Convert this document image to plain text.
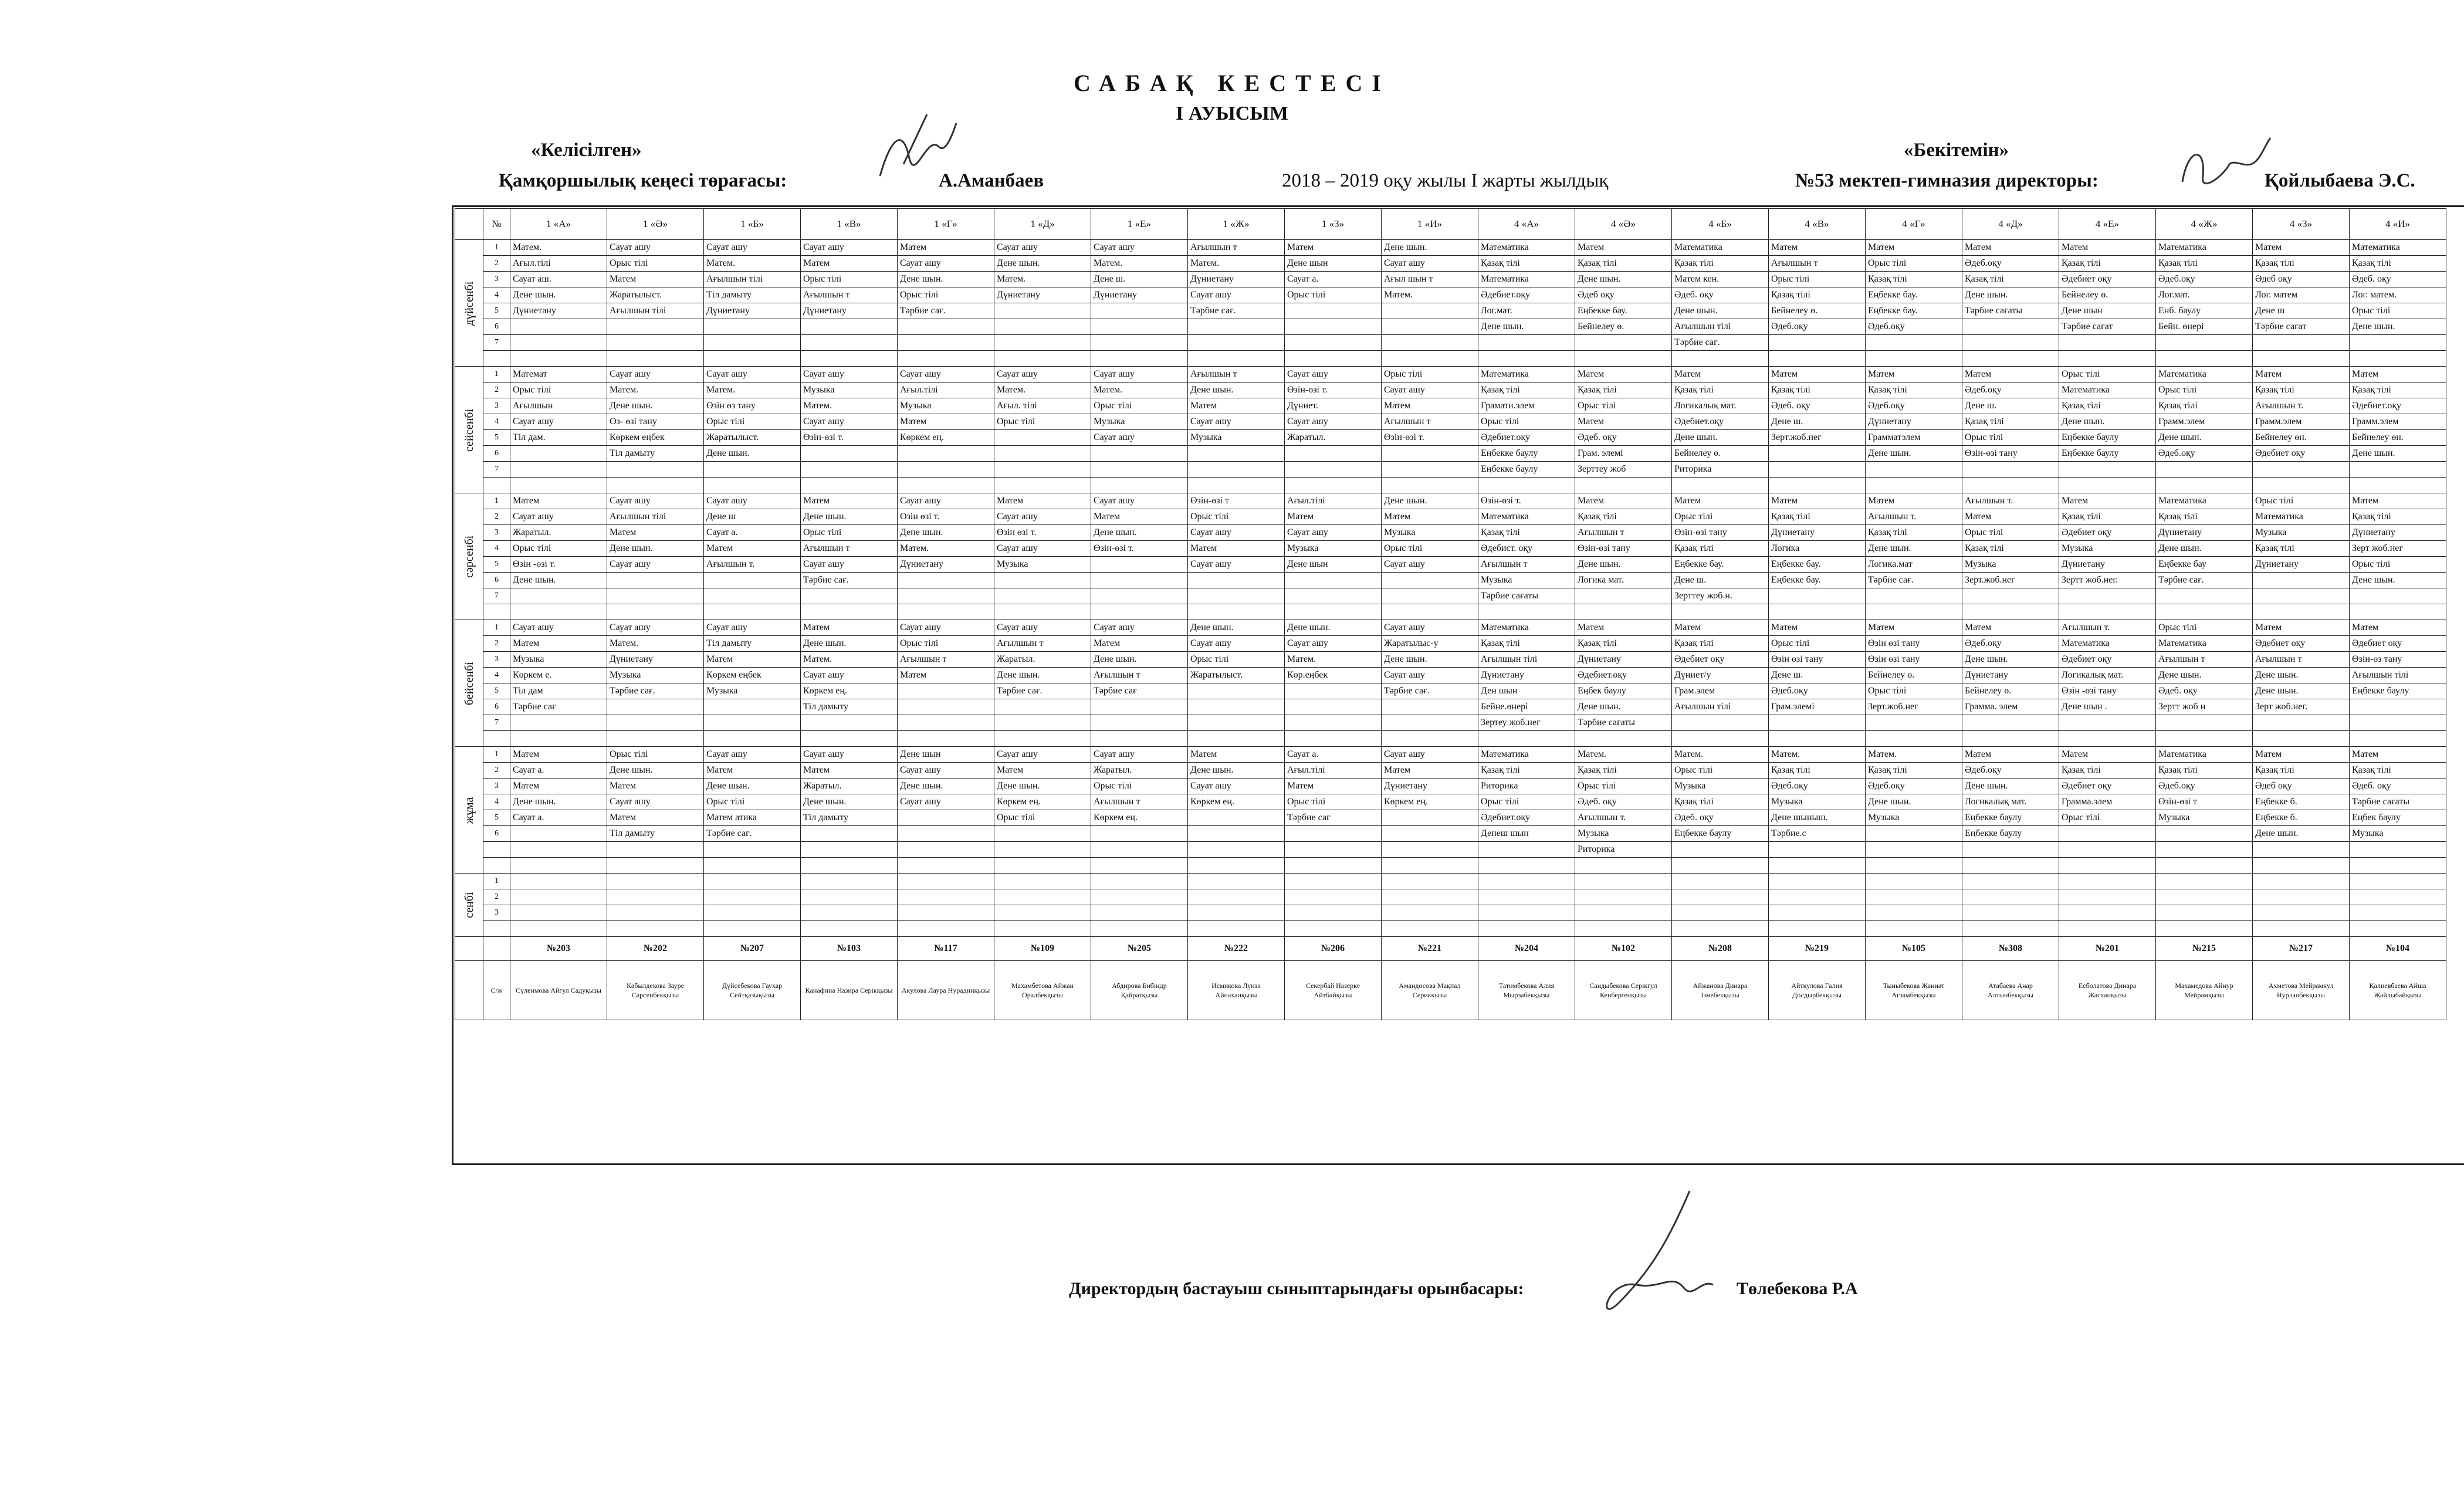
САБАҚ КЕСТЕСІ
І АУЫСЫМ
«Келісілген»
Қамқоршылық кеңесі төрағасы:	А.Аманбаев	2018 – 2019 оқу жылы І жарты жылдық
«Бекітемін»
№53 мектеп-гимназия директоры:	Қойлыбаева Э.С.
	№	1 «А»	1 «Ә»	1 «Б»	1 «В»	1 «Г»	1 «Д»	1 «Е»	1 «Ж»	1 «З»	1 «И»	4 «А»	4 «Ә»	4 «Б»	4 «В»	4 «Г»	4 «Д»	4 «Е»	4 «Ж»	4 «З»	4 «И»
дүйсенбі	1	Матем.	Сауат ашу	Сауат ашу	Сауат ашу	Матем	Сауат ашу	Сауат ашу	Ағылшын т	Матем	Дене шын.	Математика	Матем	Математика	Матем	Матем	Матем	Матем	Математика	Матем	Математика
	2	Ағыл.тілі	Орыс тілі	Матем.	Матем	Сауат ашу	Дене шын.	Матем.	Матем.	Дене шын	Сауат ашу	Қазақ тілі	Қазақ тілі	Қазақ тілі	Ағылшын т	Орыс тілі	Әдеб.оқу	Қазақ тілі	Қазақ тілі	Қазақ тілі	Қазақ тілі
	3	Сауат аш.	Матем	Ағылшын тілі	Орыс тілі	Дене шын.	Матем.	Дене ш.	Дүниетану	Сауат а.	Ағыл шын т	Математика	Дене шын.	Матем кен.	Орыс тілі	Қазақ тілі	Қазақ тілі	Әдебиет оқу	Әдеб.оқу	Әдеб оқу	Әдеб. оқу
	4	Дене шын.	Жаратылыст.	Тіл дамыту	Ағылшын т	Орыс тілі	Дүниетану	Дүниетану	Сауат ашу	Орыс тілі	Матем.	Әдебиет.оқу	Әдеб оқу	Әдеб. оқу	Қазақ тілі	Еңбекке бау.	Дене шын.	Бейнелеу ө.	Лог.мат.	Лог. матем	Лог. матем.
	5	Дүниетану	Ағылшын тілі	Дүниетану	Дүниетану	Тәрбие сағ.			Тәрбие сағ.			Лог.мат.	Еңбекке бау.	Дене шын.	Бейнелеу ө.	Еңбекке бау.	Тәрбие сағаты	Дене шын	Енб. баулу	Дене ш	Орыс тілі
	6											Дене шын.	Бейнелеу ө.	Ағылшын тілі	Әдеб.оқу	Әдеб.оқу		Тәрбие сағат	Бейн. өнері	Тәрбие сағат	Дене шын.
	7													Тәрбие сағ.							

сейсенбі	1	Математ	Сауат ашу	Сауат ашу	Сауат ашу	Сауат ашу	Сауат ашу	Сауат ашу	Ағылшын т	Сауат ашу	Орыс тілі	Математика	Матем	Матем	Матем	Матем	Матем	Орыс тілі	Математика	Матем	Матем
	2	Орыс тілі	Матем.	Матем.	Музыка	Ағыл.тілі	Матем.	Матем.	Дене шын.	Өзін-өзі т.	Сауат ашу	Қазақ тілі	Қазақ тілі	Қазақ тілі	Қазақ тілі	Қазақ тілі	Әдеб.оқу	Математика	Орыс тілі	Қазақ тілі	Қазақ тілі
	3	Ағылшын	Дене шын.	Өзін өз тану	Матем.	Музыка	Ағыл. тілі	Орыс тілі	Матем	Дүниет.	Матем	Грамати.элем	Орыс тілі	Логикалық мат.	Әдеб. оқу	Әдеб.оқу	Дене ш.	Қазақ тілі	Қазақ тілі	Ағылшын т.	Әдебиет.оқу
	4	Сауат ашу	Өз- өзі тану	Орыс тілі	Сауат ашу	Матем	Орыс тілі	Музыка	Сауат ашу	Сауат ашу	Ағылшын т	Орыс тілі	Матем	Әдебиет.оқу	Дене ш.	Дүниетану	Қазақ тілі	Дене шын.	Грамм.элем	Грамм.элем	Грамм.элем
	5	Тіл дам.	Көркем еңбек	Жаратылыст.	Өзін-өзі т.	Көркем ең.		Сауат ашу	Музыка	Жаратыл.	Өзін-өзі т.	Әдебиет.оқу	Әдеб. оқу	Дене шын.	Зерт.жоб.нег	Грамматэлем	Орыс тілі	Еңбекке баулу	Дене шын.	Бейнелеу өн.	Бейнелеу өн.
	6		Тіл дамыту	Дене шын.								Еңбекке баулу	Грам. элемі	Бейнелеу ө.		Дене шын.	Өзін-өзі тану	Еңбекке баулу	Әдеб.оқу	Әдебиет оқу	Дене шын.
	7											Еңбекке баулу	Зерттеу жоб	Риторика							

сәрсенбі	1	Матем	Сауат ашу	Сауат ашу	Матем	Сауат ашу	Матем	Сауат ашу	Өзін-өзі т	Ағыл.тілі	Дене шын.	Өзін-өзі т.	Матем	Матем	Матем	Матем	Ағылшын т.	Матем	Математика	Орыс тілі	Матем
	2	Сауат ашу	Ағылшын тілі	Дене ш	Дене шын.	Өзін өзі т.	Сауат ашу	Матем	Орыс тілі	Матем	Матем	Математика	Қазақ тілі	Орыс тілі	Қазақ тілі	Ағылшын т.	Матем	Қазақ тілі	Қазақ тілі	Математика	Қазақ тілі
	3	Жаратыл.	Матем	Сауат а.	Орыс тілі	Дене шын.	Өзін өзі т.	Дене шын.	Сауат ашу	Сауат ашу	Музыка	Қазақ тілі	Ағылшын т	Өзін-өзі тану	Дүниетану	Қазақ тілі	Орыс тілі	Әдебиет оқу	Дүниетану	Музыка	Дүниетану
	4	Орыс тілі	Дене шын.	Матем	Ағылшын т	Матем.	Сауат ашу	Өзін-өзі т.	Матем	Музыка	Орыс тілі	Әдебист. оқу	Өзін-өзі тану	Қазақ тілі	Логика	Дене шын.	Қазақ тілі	Музыка	Дене шын.	Қазақ тілі	Зерт жоб.нег
	5	Өзін -өзі т.	Сауат ашу	Ағылшын т.	Сауат ашу	Дүниетану	Музыка		Сауат ашу	Дене шын	Сауат ашу	Ағылшын т	Дене шын.	Еңбекке бау.	Еңбекке бау.	Логика.мат	Музыка	Дүниетану	Еңбекке бау	Дүниетану	Орыс тілі
	6	Дене шын.			Тәрбие сағ.							Музыка	Логика мат.	Дене ш.	Еңбекке бау.	Тәрбие сағ.	Зерт.жоб.нег	Зертт жоб.нег.	Тәрбие сағ.		Дене шын.
	7											Тәрбие сағаты		Зерттеу жоб.н.							

бейсенбі	1	Сауат ашу	Сауат ашу	Сауат ашу	Матем	Сауат ашу	Сауат ашу	Сауат ашу	Дене шын.	Дене шын.	Сауат ашу	Математика	Матем	Матем	Матем	Матем	Матем	Ағылшын т.	Орыс тілі	Матем	Матем
	2	Матем	Матем.	Тіл дамыту	Дене шын.	Орыс тілі	Ағылшын т	Матем	Сауат ашу	Сауат ашу	Жаратылыс-у	Қазақ тілі	Қазақ тілі	Қазақ тілі	Орыс тілі	Өзін өзі тану	Әдеб.оқу	Математика	Математика	Әдебиет оқу	Әдебиет оқу
	3	Музыка	Дүниетану	Матем	Матем.	Ағылшын т	Жаратыл.	Дене шын.	Орыс тілі	Матем.	Дене шын.	Ағылшын тілі	Дүниетану	Әдебиет оқу	Өзін өзі тану	Өзін өзі тану	Дене шын.	Әдебиет оқу	Ағылшын т	Ағылшын т	Өзін-өз тану
	4	Көркем е.	Музыка	Көркем еңбек	Сауат ашу	Матем	Дене шын.	Ағылшын т	Жаратылыст.	Көр.еңбек	Сауат ашу	Дүниетану	Әдебиет.оқу	Дүниет/у	Дене ш.	Бейнелеу ө.	Дүниетану	Логикалық мат.	Дене шын.	Дене шын.	Ағылшын тілі
	5	Тіл дам	Тәрбие сағ.	Музыка	Көркем ең.		Тәрбие сағ.	Тәрбие сағ			Тәрбие сағ.	Ден шын	Еңбек баулу	Грам.элем	Әдеб.оқу	Орыс тілі	Бейнелеу ө.	Өзін -өзі тану	Әдеб. оқу	Дене шын.	Еңбекке баулу
	6	Тәрбие сағ			Тіл дамыту							Бейне.өнері	Дене шын.	Ағылшын тілі	Грам.элемі	Зерт.жоб.нег	Грамма. элем	Дене шын .	Зертт жоб н	Зерт жоб.нег.	
	7											Зертеу жоб.нег	Тәрбие сағаты								

жұма	1	Матем	Орыс тілі	Сауат ашу	Сауат ашу	Дене шын	Сауат ашу	Сауат ашу	Матем	Сауат а.	Сауат ашу	Математика	Матем.	Матем.	Матем.	Матем.	Матем	Матем	Математика	Матем	Матем
	2	Сауат а.	Дене шын.	Матем	Матем	Сауат ашу	Матем	Жаратыл.	Дене шын.	Ағыл.тілі	Матем	Қазақ тілі	Қазақ тілі	Орыс тілі	Қазақ тілі	Қазақ тілі	Әдеб.оқу	Қазақ тілі	Қазақ тілі	Қазақ тілі	Қазақ тілі
	3	Матем	Матем	Дене шын.	Жаратыл.	Дене шын.	Дене шын.	Орыс тілі	Сауат ашу	Матем	Дүниетану	Риторика	Орыс тілі	Музыка	Әдеб.оқу	Әдеб.оқу	Дене шын.	Әдебиет оқу	Әдеб.оқу	Әдеб оқу	Әдеб. оқу
	4	Дене шын.	Сауат ашу	Орыс тілі	Дене шын.	Сауат ашу	Көркем ең.	Ағылшын т	Көркем ең.	Орыс тілі	Көркем ең.	Орыс тілі	Әдеб. оқу	Қазақ тілі	Музыка	Дене шын.	Логикалық мат.	Грамма.элем	Өзін-өзі т	Еңбекке б.	Тәрбие сағаты
	5	Сауат а.	Матем	Матем атика	Тіл дамыту		Орыс тілі	Көркем ең.		Тәрбие сағ		Әдебиет.оқу	Ағылшын т.	Әдеб. оқу	Дене шыныш.	Музыка	Еңбекке баулу	Орыс тілі	Музыка	Еңбекке б.	Еңбек баулу
	6		Тіл дамыту	Тәрбие сағ.								Денеш шын	Музыка	Еңбекке баулу	Тәрбие.с		Еңбекке баулу			Дене шын.	Музыка
													Риторика								

сенбі	1																				
	2																				
	3																				

		№203	№202	№207	№103	№117	№109	№205	№222	№206	№221	№204	№102	№208	№219	№105	№308	№201	№215	№217	№104
	С/ж	Сүлеимова Айгул Садуқызы	Кабылдекова Зауре Сарсенбекқызы	Дүйсебекова Гаухар Сейтқазықызы	Қанафина Назира Серікқызы	Акулова Лаура Нурадинқызы	Махамбетова Айжан Оралбекқызы	Абдирова Бибіндр Қайратқызы	Исмикова Луиза Айнаханқызы	Секербай Назерке Айтбайқызы	Амандосова Мақпал Сериккызы	Татимбекова Алия Мырзабекқызы	Сандыбекова Серікгул Кенбергенқызы	Айжанова Динара Ізмебекқызы	Айткулова Галия Досдырбекқызы	Тыныбекова Жаннат Агзамбекқызы	Атабаева Анар Алтынбекқызы	Есболатова Динара Жасханқызы	Махамедова Айнур Мейрамқызы	Ахметова Мейрамкул Нурланбекқызы	Қалиевбаева Айша Жайлыбайқызы
Директордың бастауыш сыныптарындағы орынбасары:	Төлебекова Р.А
